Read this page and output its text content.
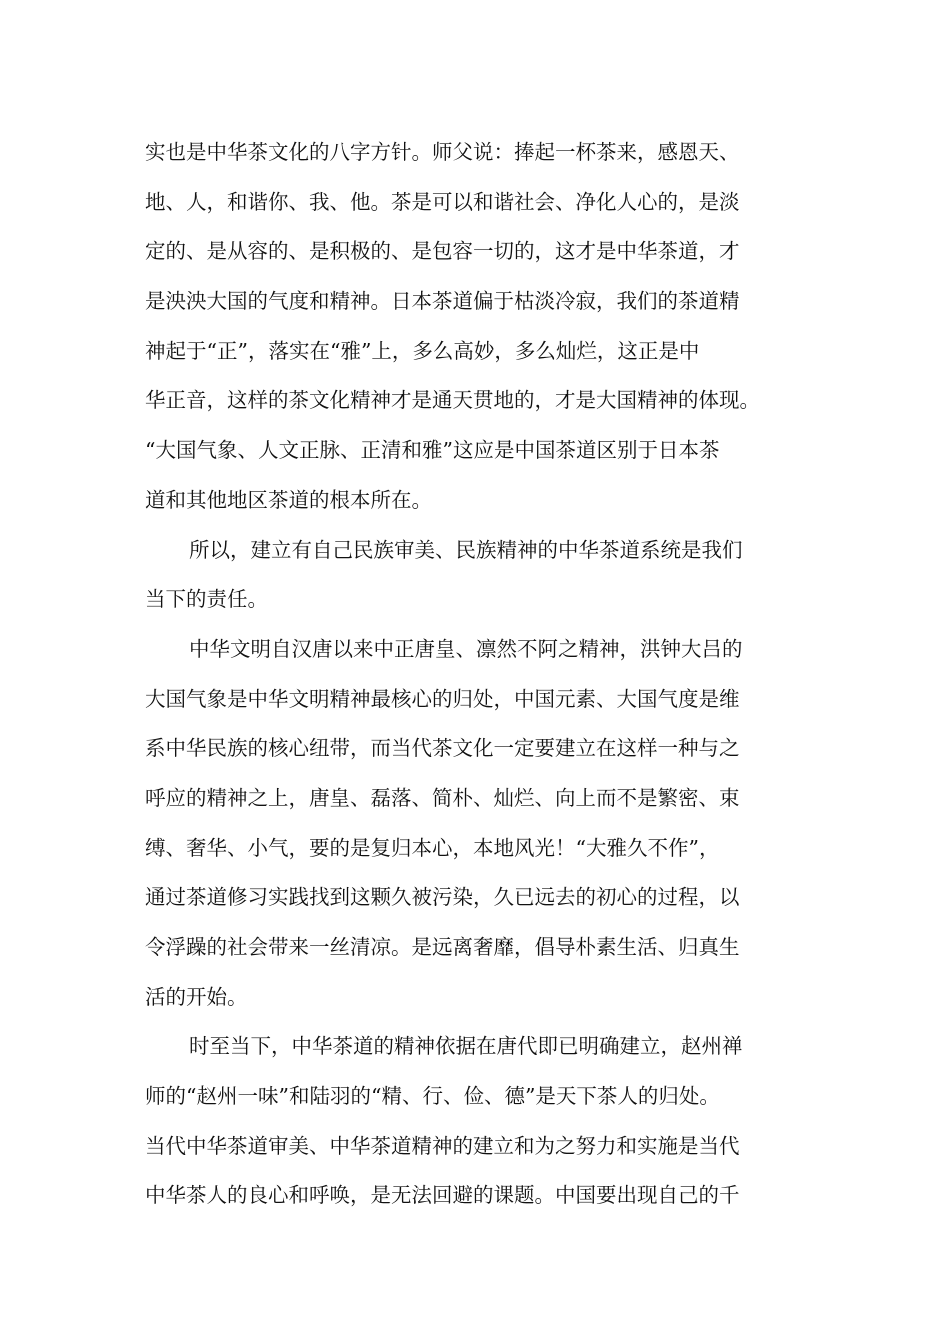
实也是中华茶文化的八字方针。师父说：捧起一杯茶来，感恩天、
地、人，和谐你、我、他。茶是可以和谐社会、净化人心的，是淡
定的、是从容的、是积极的、是包容一切的，这才是中华茶道，才
是泱泱大国的气度和精神。日本茶道偏于枯淡冷寂，我们的茶道精
神起于“正”，落实在“雅”上，多么高妙，多么灿烂，这正是中
华正音，这样的茶文化精神才是通天贯地的，才是大国精神的体现。
“大国气象、人文正脉、正清和雅”这应是中国茶道区别于日本茶
道和其他地区茶道的根本所在。
所以，建立有自己民族审美、民族精神的中华茶道系统是我们
当下的责任。
中华文明自汉唐以来中正唐皇、凛然不阿之精神，洪钟大吕的
大国气象是中华文明精神最核心的归处，中国元素、大国气度是维
系中华民族的核心纽带，而当代茶文化一定要建立在这样一种与之
呼应的精神之上，唐皇、磊落、简朴、灿烂、向上而不是繁密、束
缚、奢华、小气，要的是复归本心，本地风光！“大雅久不作”，
通过茶道修习实践找到这颗久被污染，久已远去的初心的过程，以
令浮躁的社会带来一丝清凉。是远离奢靡，倡导朴素生活、归真生
活的开始。
时至当下，中华茶道的精神依据在唐代即已明确建立，赵州禅
师的“赵州一味”和陆羽的“精、行、俭、德”是天下茶人的归处。
当代中华茶道审美、中华茶道精神的建立和为之努力和实施是当代
中华茶人的良心和呼唤，是无法回避的课题。中国要出现自己的千
